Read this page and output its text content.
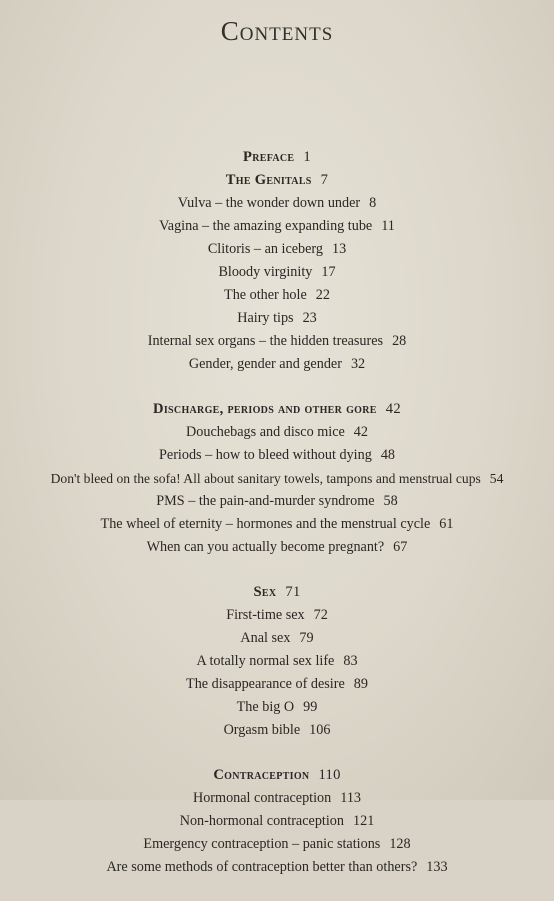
Contents
Preface 1
The Genitals 7
Vulva – the wonder down under 8
Vagina – the amazing expanding tube 11
Clitoris – an iceberg 13
Bloody virginity 17
The other hole 22
Hairy tips 23
Internal sex organs – the hidden treasures 28
Gender, gender and gender 32
Discharge, periods and other gore 42
Douchebags and disco mice 42
Periods – how to bleed without dying 48
Don't bleed on the sofa! All about sanitary towels, tampons and menstrual cups 54
PMS – the pain-and-murder syndrome 58
The wheel of eternity – hormones and the menstrual cycle 61
When can you actually become pregnant? 67
Sex 71
First-time sex 72
Anal sex 79
A totally normal sex life 83
The disappearance of desire 89
The big O 99
Orgasm bible 106
Contraception 110
Hormonal contraception 113
Non-hormonal contraception 121
Emergency contraception – panic stations 128
Are some methods of contraception better than others? 133
